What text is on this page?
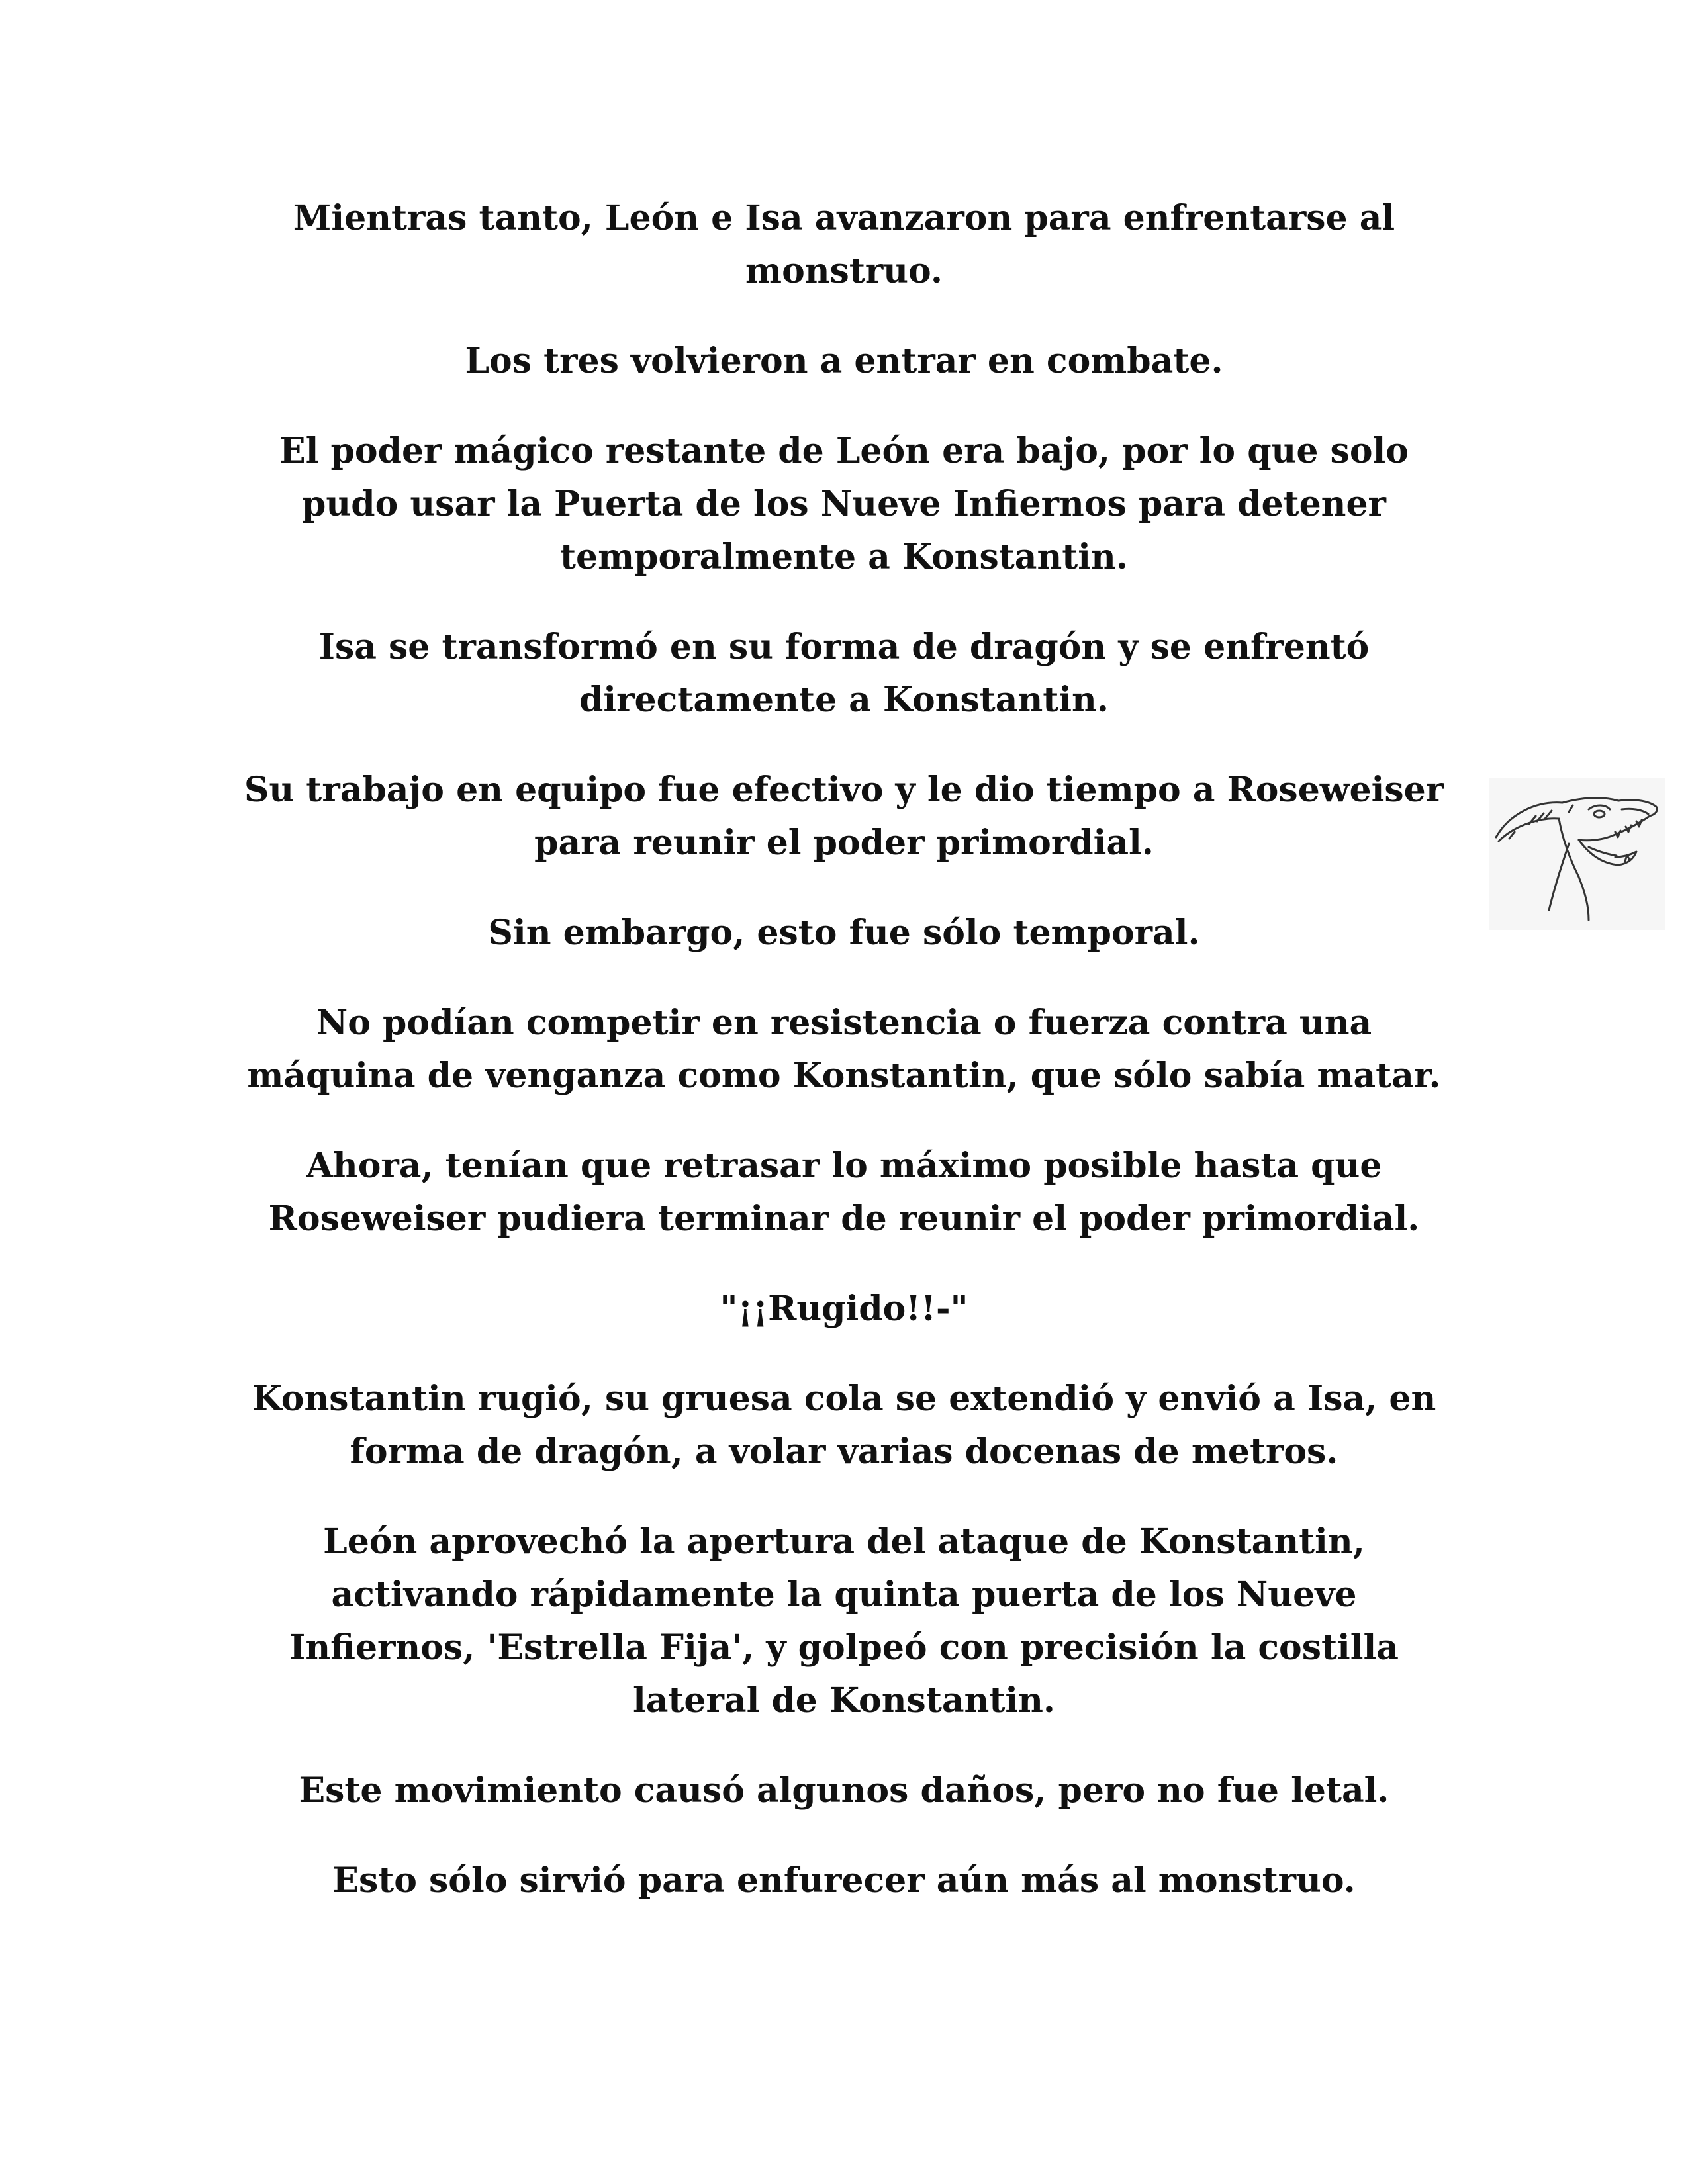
Mientras tanto, León e Isa avanzaron para enfrentarse al
monstruo.

Los tres volvieron a entrar en combate.

El poder mágico restante de León era bajo, por lo que solo
pudo usar la Puerta de los Nueve Infiernos para detener
temporalmente a Konstantin.

Isa se transformó en su forma de dragón y se enfrentó
directamente a Konstantin.

Su trabajo en equipo fue efectivo y le dio tiempo a Roseweiser
para reunir el poder primordial.

Sin embargo, esto fue sólo temporal.

No podían competir en resistencia o fuerza contra una
máquina de venganza como Konstantin, que sólo sabía matar.

Ahora, tenían que retrasar lo máximo posible hasta que
Roseweiser pudiera terminar de reunir el poder primordial.

"¡¡Rugido!!-"

Konstantin rugió, su gruesa cola se extendió y envió a Isa, en
forma de dragón, a volar varias docenas de metros.

León aprovechó la apertura del ataque de Konstantin,
activando rápidamente la quinta puerta de los Nueve
Infiernos, 'Estrella Fija', y golpeó con precisión la costilla
lateral de Konstantin.

Este movimiento causó algunos daños, pero no fue letal.

Esto sólo sirvió para enfurecer aún más al monstruo.
